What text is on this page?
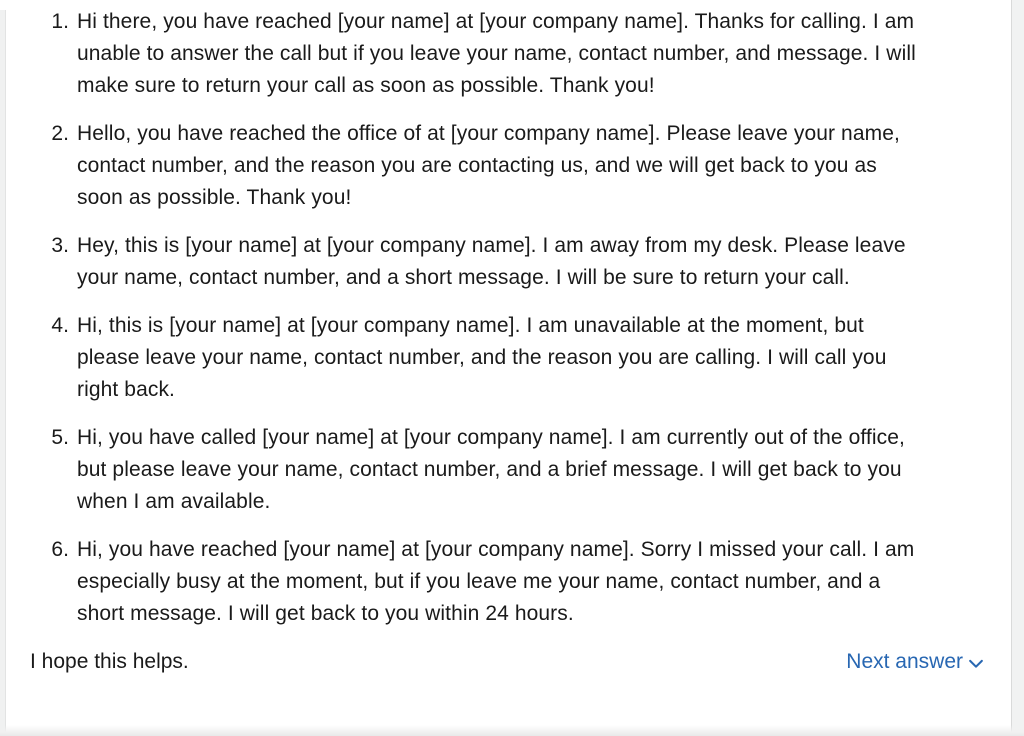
1. Hi there, you have reached [your name] at [your company name]. Thanks for calling. I am unable to answer the call but if you leave your name, contact number, and message. I will make sure to return your call as soon as possible. Thank you!
2. Hello, you have reached the office of at [your company name]. Please leave your name, contact number, and the reason you are contacting us, and we will get back to you as soon as possible. Thank you!
3. Hey, this is [your name] at [your company name]. I am away from my desk. Please leave your name, contact number, and a short message. I will be sure to return your call.
4. Hi, this is [your name] at [your company name]. I am unavailable at the moment, but please leave your name, contact number, and the reason you are calling. I will call you right back.
5. Hi, you have called [your name] at [your company name]. I am currently out of the office, but please leave your name, contact number, and a brief message. I will get back to you when I am available.
6. Hi, you have reached [your name] at [your company name]. Sorry I missed your call. I am especially busy at the moment, but if you leave me your name, contact number, and a short message. I will get back to you within 24 hours.
I hope this helps.	Next answer
